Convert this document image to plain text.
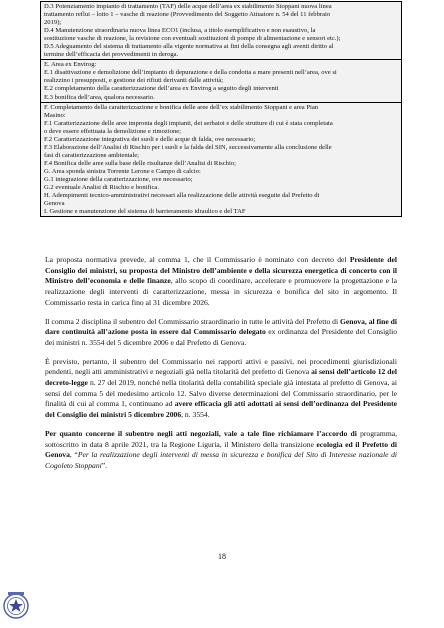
D.3 Potenziamento impianto di trattamento (TAF) delle acque dell’area ex stabilimento Stoppani nuova linea
trattamento reflui – lotto 1 – vasche di reazione (Provvedimento del Soggetto Attuatore n. 54 del 11 febbraio
2019);
D.4 Manutenzione straordinaria nuova linea ECO1 (inclusa, a titolo esemplificativo e non esaustivo, la
sostituzione vasche di reazione, la revisione con eventuali sostituzioni di pompe di alimentazione e sensori etc.);
D.5 Adeguamento del sistema di trattamento alla vigente normativa ai fini della consegna agli aventi diritto al
termine dell’efficacia dei provvedimenti in deroga.
E. Area ex Envirog:
E.1 disattivazione e demolizione dell’impianto di depurazione e della condotta a mare presenti nell’area, ove si
realizzino i presupposti, e gestione dei rifiuti derivanti dalle attività;
E.2 completamento della caratterizzazione dell’area ex Envirog a seguito degli interventi
E.3 bonifica dell’area, qualora necessario.
F. Completamento della caratterizzazione e bonifica delle aree dell’ex stabilimento Stoppani e area Pian
Masino:
F.1 Caratterizzazione delle aree impronta degli impianti, dei serbatoi e delle strutture di cui è stata completata
o deve essere effettuata la demolizione e rimozione;
F.2 Caratterizzazione integrativa dei suoli e delle acque di falda, ove necessario;
F.3 Elaborazione dell’Analisi di Rischio per i suoli e la falda del SIN, successivamente alla conclusione delle
fasi di caratterizzazione ambientale;
F.4 Bonifica delle aree sulla base delle risultanze dell’Analisi di Rischio;
G. Area sponda sinistra Torrente Lerone e Campo di calcio:
G.1 integrazione della caratterizzazione, ove necessario;
G.2 eventuale Analisi di Rischio e bonifica.
H. Adempimenti tecnico-amministrativi necessari alla realizzazione delle attività eseguite dal Prefetto di
Genova
I. Gestione e manutenzione del sistema di barrieramento idraulico e del TAF

La proposta normativa prevede, al comma 1, che il Commissario è nominato con decreto del Presidente del Consiglio dei ministri, su proposta del Ministro dell’ambiente e della sicurezza energetica di concerto con il Ministro dell’economia e delle finanze, allo scopo di coordinare, accelerare e promuovere la progettazione e la realizzazione degli interventi di caratterizzazione, messa in sicurezza e bonifica del sito in argomento. Il Commissario resta in carica fino al 31 dicembre 2026.

Il comma 2 disciplina il subentro del Commissario straordinario in tutte le attività del Prefetto di Genova, al fine di dare continuità all’azione posta in essere dal Commissario delegato ex ordinanza del Presidente del Consiglio dei ministri n. 3554 del 5 dicembre 2006 e dal Prefetto di Genova.

È previsto, pertanto, il subentro del Commissario nei rapporti attivi e passivi, nei procedimenti giurisdizionali pendenti, negli atti amministrativi e negoziali già nella titolarità del prefetto di Genova ai sensi dell’articolo 12 del decreto-legge n. 27 del 2019, nonché nella titolarità della contabilità speciale già intestata al prefetto di Genova, ai sensi del comma 5 del medesimo articolo 12. Salvo diverse determinazioni del Commissario straordinario, per le finalità di cui al comma 1, continuano ad avere efficacia gli atti adottati ai sensi dell’ordinanza del Presidente del Consiglio dei ministri 5 dicembre 2006, n. 3554.

Per quanto concerne il subentro negli atti negoziali, vale a tale fine richiamare l’accordo di programma, sottoscritto in data 8 aprile 2021, tra la Regione Liguria, il Ministero della transizione ecologia ed il Prefetto di Genova, “Per la realizzazione degli interventi di messa in sicurezza e bonifica del Sito di Interesse nazionale di Cogoleto Stoppani”.

18
